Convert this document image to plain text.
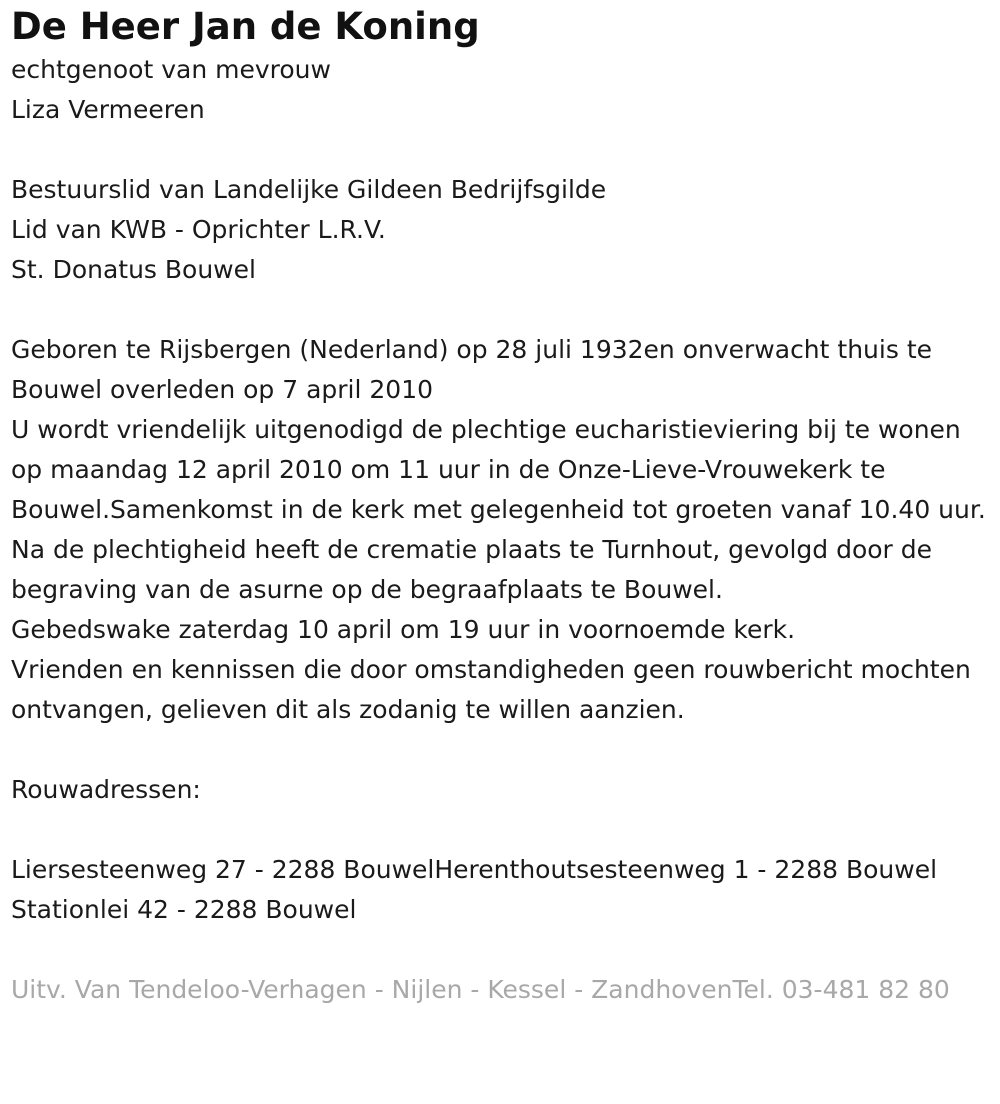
De Heer Jan de Koning
echtgenoot van mevrouw
Liza Vermeeren
Bestuurslid van Landelijke Gildeen Bedrijfsgilde
Lid van KWB - Oprichter L.R.V.
St. Donatus Bouwel

Geboren te Rijsbergen (Nederland) op 28 juli 1932en onverwacht thuis te Bouwel overleden op 7 april 2010

U wordt vriendelijk uitgenodigd de plechtige eucharistieviering bij te wonen op maandag 12 april 2010 om 11 uur in de Onze-Lieve-Vrouwekerk te Bouwel.Samenkomst in de kerk met gelegenheid tot groeten vanaf 10.40 uur.

Na de plechtigheid heeft de crematie plaats te Turnhout, gevolgd door de begraving van de asurne op de begraafplaats te Bouwel.

Gebedswake zaterdag 10 april om 19 uur in voornoemde kerk.

Vrienden en kennissen die door omstandigheden geen rouwbericht mochten ontvangen, gelieven dit als zodanig te willen aanzien.

Rouwadressen:
Liersesteenweg 27 - 2288 BouwelHerenthoutsesteenweg 1 - 2288 Bouwel
Stationlei 42 - 2288 Bouwel

Uitv. Van Tendeloo-Verhagen - Nijlen - Kessel - ZandhovenTel. 03-481 82 80
